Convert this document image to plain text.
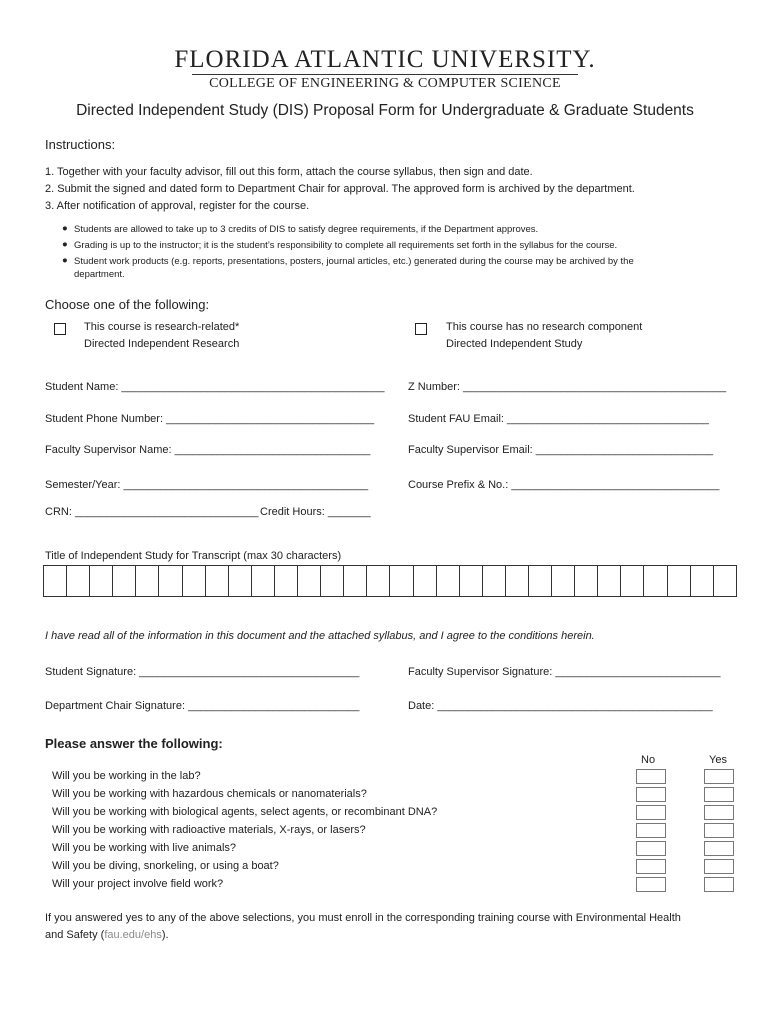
FLORIDA ATLANTIC UNIVERSITY.
COLLEGE OF ENGINEERING & COMPUTER SCIENCE
Directed Independent Study (DIS) Proposal Form for Undergraduate & Graduate Students
Instructions:
1. Together with your faculty advisor, fill out this form, attach the course syllabus, then sign and date.
2. Submit the signed and dated form to Department Chair for approval. The approved form is archived by the department.
3. After notification of approval, register for the course.
● Students are allowed to take up to 3 credits of DIS to satisfy degree requirements, if the Department approves.
● Grading is up to the instructor; it is the student’s responsibility to complete all requirements set forth in the syllabus for the course.
● Student work products (e.g. reports, presentations, posters, journal articles, etc.) generated during the course may be archived by the
department.
Choose one of the following:
This course is research-related*
Directed Independent Research
This course has no research component
Directed Independent Study
Student Name: ___________________________________________ Z Number: ___________________________________________
Student Phone Number: __________________________________	Student FAU Email: _________________________________
Faculty Supervisor Name: ________________________________	Faculty Supervisor Email: _____________________________
Semester/Year: ________________________________________	Course Prefix & No.: __________________________________
CRN: ______________________________ Credit Hours: _______
Title of Independent Study for Transcript (max 30 characters)
I have read all of the information in this document and the attached syllabus, and I agree to the conditions herein.
Student Signature: ____________________________________	Faculty Supervisor Signature: ___________________________
Department Chair Signature: ____________________________	Date: _____________________________________________
Please answer the following:
No	Yes
Will you be working in the lab?
Will you be working with hazardous chemicals or nanomaterials?
Will you be working with biological agents, select agents, or recombinant DNA?
Will you be working with radioactive materials, X-rays, or lasers?
Will you be working with live animals?
Will you be diving, snorkeling, or using a boat?
Will your project involve field work?
If you answered yes to any of the above selections, you must enroll in the corresponding training course with Environmental Health
and Safety (fau.edu/ehs).
